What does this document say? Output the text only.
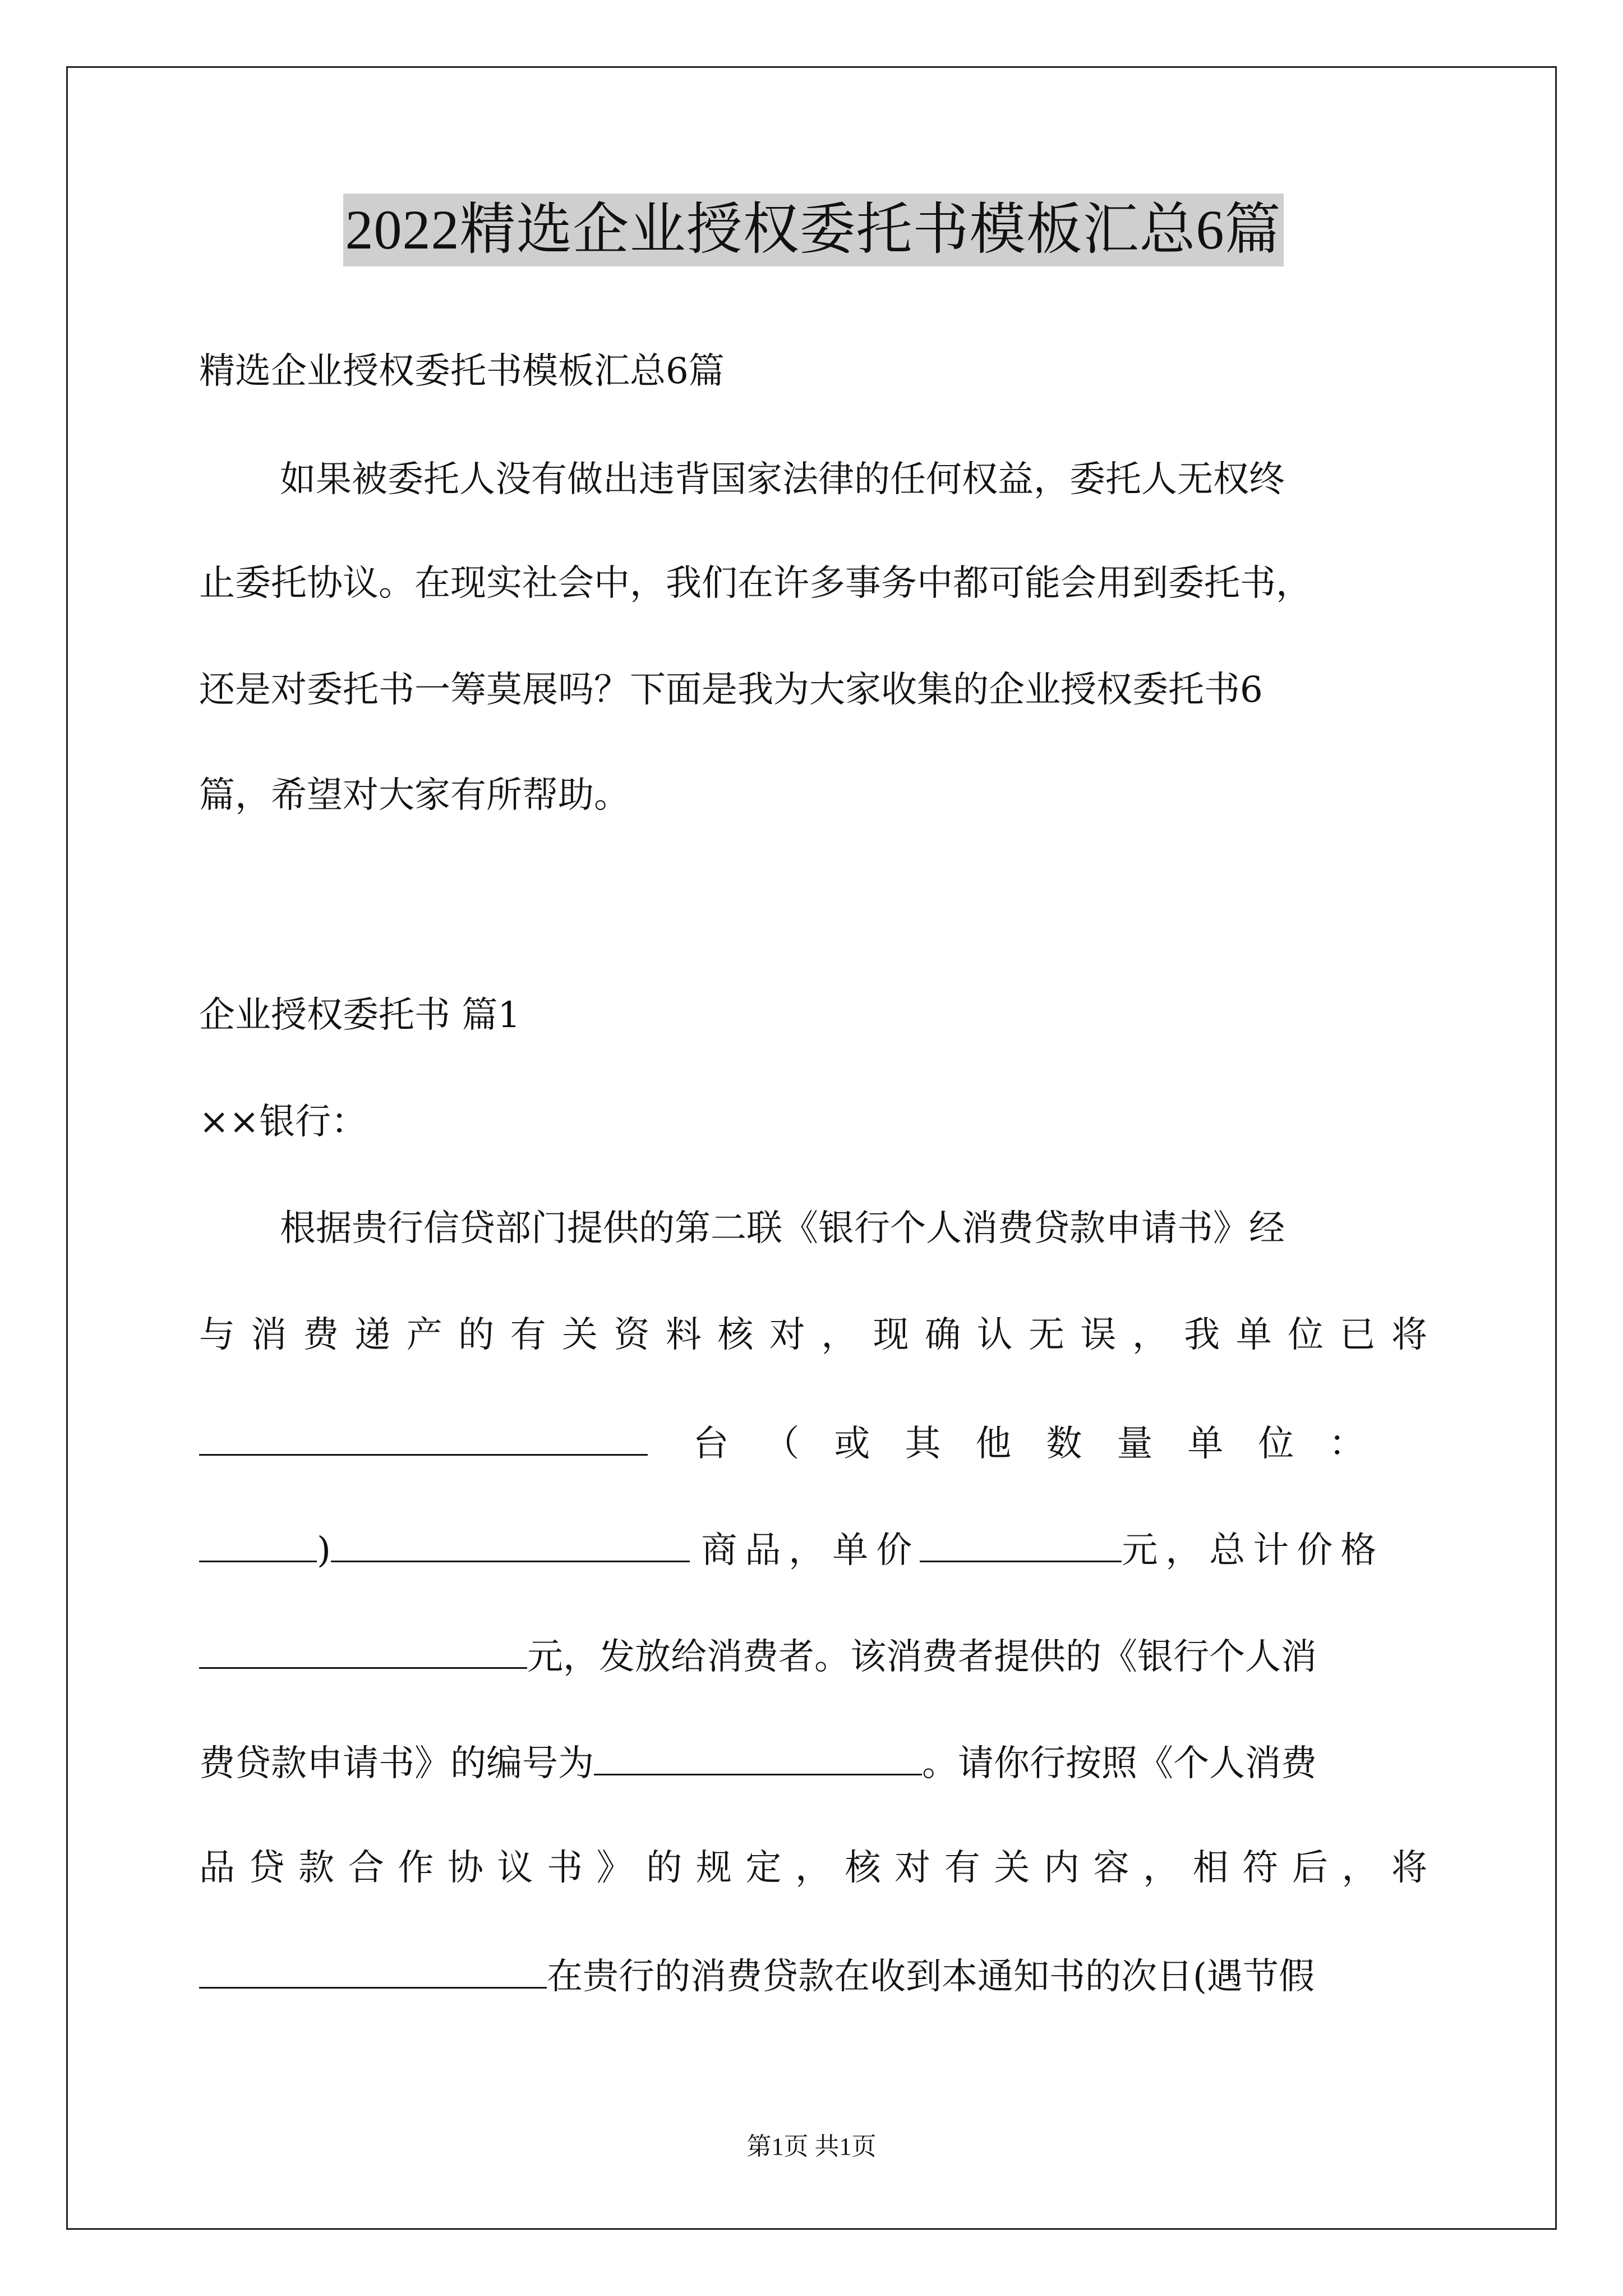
2022精选企业授权委托书模板汇总6篇
精选企业授权委托书模板汇总6篇
如果被委托人没有做出违背国家法律的任何权益，委托人无权终
止委托协议。在现实社会中，我们在许多事务中都可能会用到委托书，
还是对委托书一筹莫展吗？下面是我为大家收集的企业授权委托书6
篇，希望对大家有所帮助。
企业授权委托书 篇1
××银行：
根据贵行信贷部门提供的第二联《银行个人消费贷款申请书》经
与消费递产的有关资料核对，现确认无误，我单位已将
台（或其他数量单位：
)	商品，单价	元，总计价格
元，发放给消费者。该消费者提供的《银行个人消
费贷款申请书》的编号为	。请你行按照《个人消费
品贷款合作协议书》的规定，核对有关内容，相符后，将
在贵行的消费贷款在收到本通知书的次日(遇节假
第1页 共1页
